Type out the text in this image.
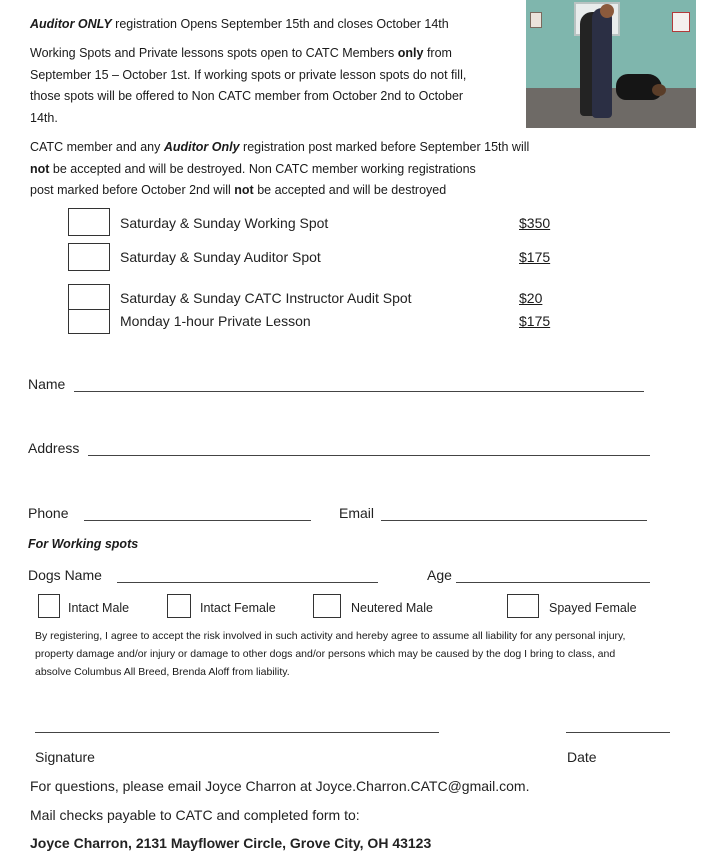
Auditor ONLY registration Opens September 15th and closes October 14th
Working Spots and Private lessons spots open to CATC Members only from
September 15 – October 1st. If working spots or private lesson spots do not fill,
those spots will be offered to Non CATC member from October 2nd to October
14th.
CATC member and any Auditor Only registration post marked before September 15th will
not be accepted and will be destroyed. Non CATC member working registrations
post marked before October 2nd will not be accepted and will be destroyed
Saturday & Sunday Working Spot	$350
Saturday & Sunday Auditor Spot	$175
Saturday & Sunday CATC Instructor Audit Spot	$20
Monday 1-hour Private Lesson	$175
Name
Address
Phone	Email
For Working spots
Dogs Name	Age
Intact Male	Intact Female	Neutered Male	Spayed Female
By registering, I agree to accept the risk involved in such activity and hereby agree to assume all liability for any personal injury,
property damage and/or injury or damage to other dogs and/or persons which may be caused by the dog I bring to class, and
absolve Columbus All Breed, Brenda Aloff from liability.
Signature	Date
For questions, please email Joyce Charron at Joyce.Charron.CATC@gmail.com.
Mail checks payable to CATC and completed form to:
Joyce Charron, 2131 Mayflower Circle, Grove City, OH 43123
